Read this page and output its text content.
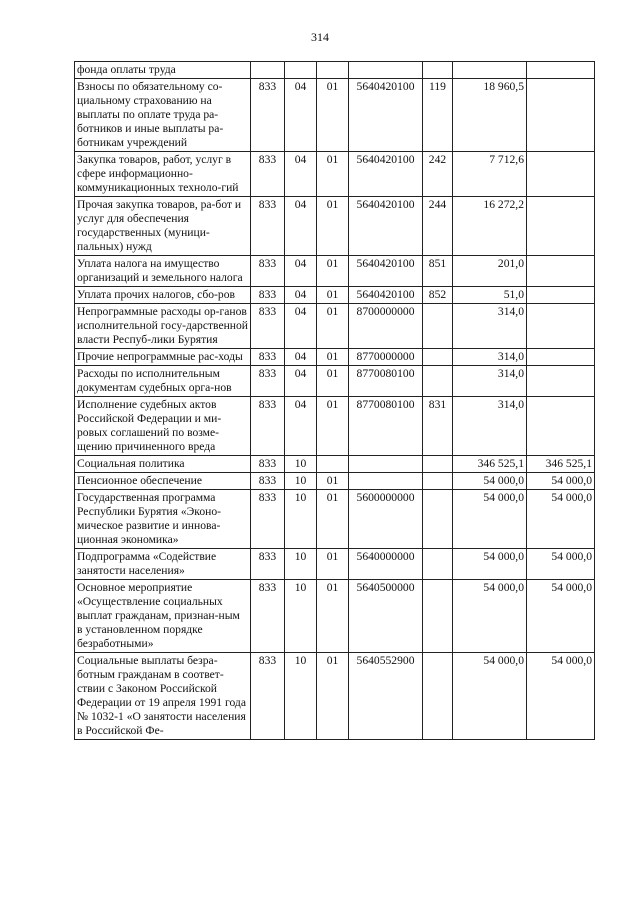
314
фонда оплаты труда							
Взносы по обязательному со-циальному страхованию на выплаты по оплате труда ра-ботников и иные выплаты ра-ботникам учреждений	833	04	01	5640420100	119	18 960,5	
Закупка товаров, работ, услуг в сфере информационно-коммуникационных техноло-гий	833	04	01	5640420100	242	7 712,6	
Прочая закупка товаров, ра-бот и услуг для обеспечения государственных (муници-пальных) нужд	833	04	01	5640420100	244	16 272,2	
Уплата налога на имущество организаций и земельного налога	833	04	01	5640420100	851	201,0	
Уплата прочих налогов, сбо-ров	833	04	01	5640420100	852	51,0	
Непрограммные расходы ор-ганов исполнительной госу-дарственной власти Респуб-лики Бурятия	833	04	01	8700000000		314,0	
Прочие непрограммные рас-ходы	833	04	01	8770000000		314,0	
Расходы по исполнительным документам судебных орга-нов	833	04	01	8770080100		314,0	
Исполнение судебных актов Российской Федерации и ми-ровых соглашений по возме-щению причиненного вреда	833	04	01	8770080100	831	314,0	
Социальная политика	833	10				346 525,1	346 525,1
Пенсионное обеспечение	833	10	01			54 000,0	54 000,0
Государственная программа Республики Бурятия «Эконо-мическое развитие и иннова-ционная экономика»	833	10	01	5600000000		54 000,0	54 000,0
Подпрограмма «Содействие занятости населения»	833	10	01	5640000000		54 000,0	54 000,0
Основное мероприятие «Осуществление социальных выплат гражданам, признан-ным в установленном порядке безработными»	833	10	01	5640500000		54 000,0	54 000,0
Социальные выплаты безра-ботным гражданам в соответ-ствии с Законом Российской Федерации от 19 апреля 1991 года № 1032-1 «О занятости населения в Российской Фе-	833	10	01	5640552900		54 000,0	54 000,0
